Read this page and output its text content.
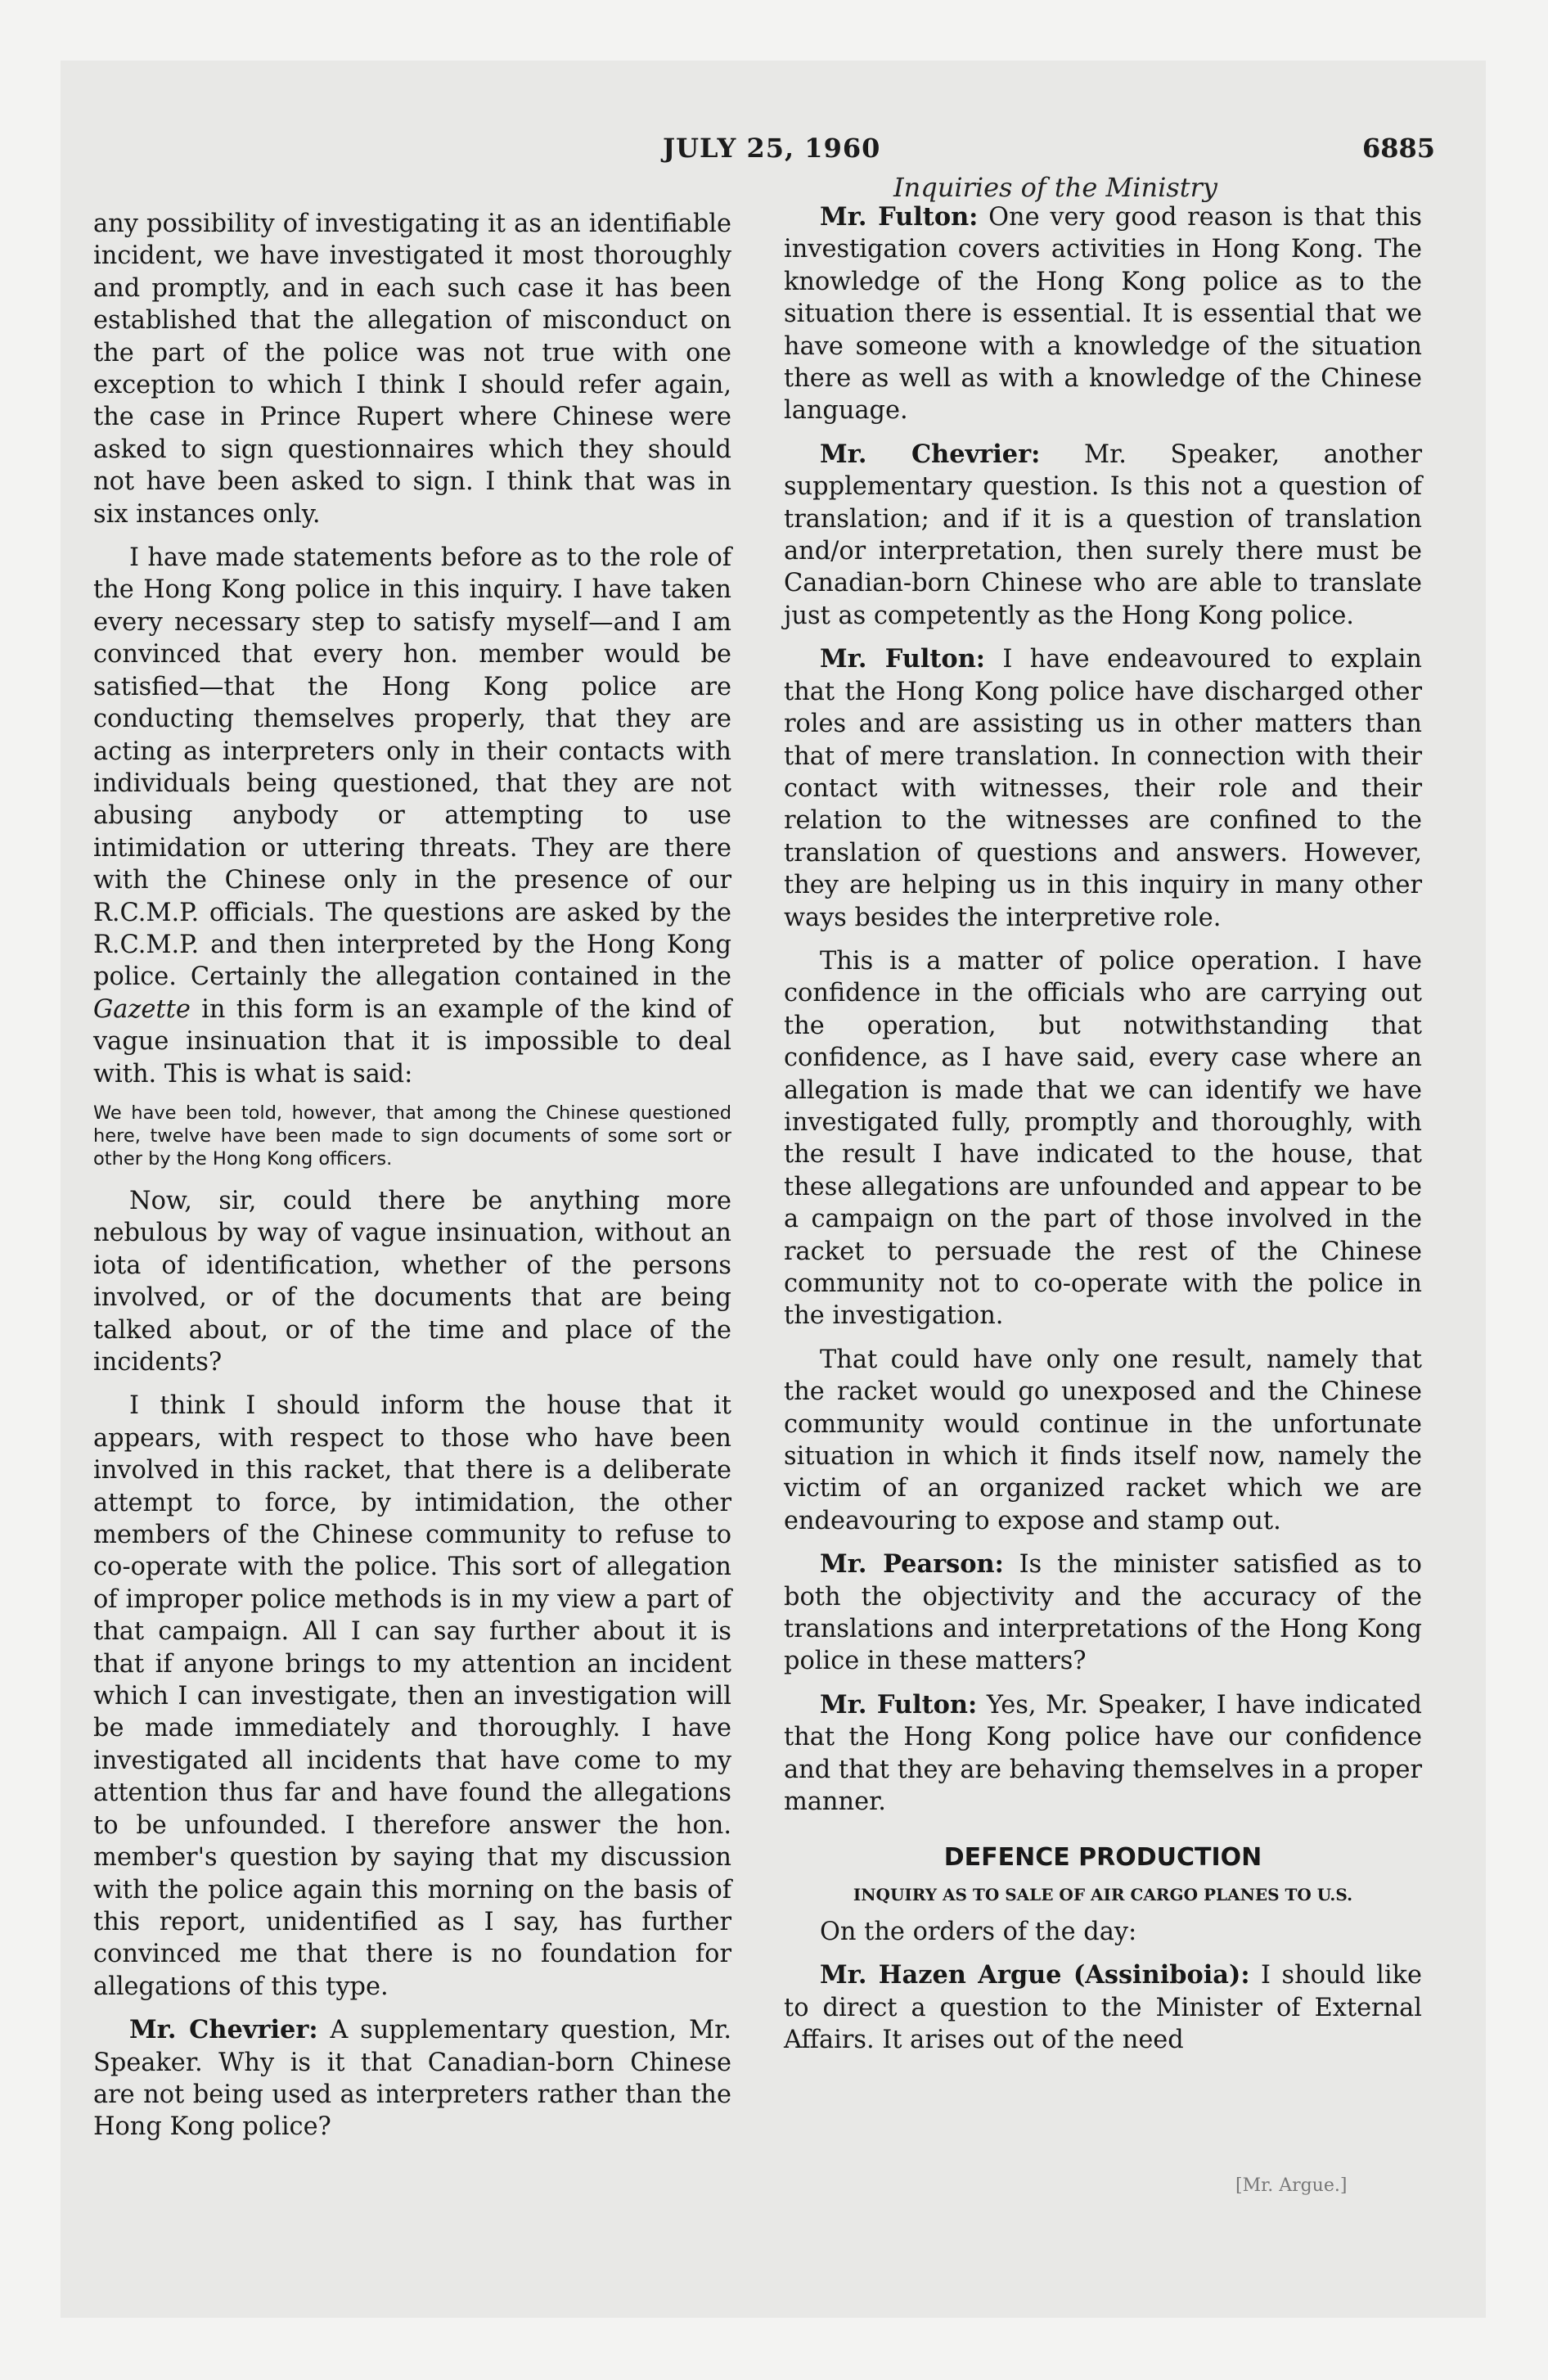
JULY 25, 1960	6885
Inquiries of the Ministry

any possibility of investigating it as an identifiable incident, we have investigated it most thoroughly and promptly, and in each such case it has been established that the allegation of misconduct on the part of the police was not true with one exception to which I think I should refer again, the case in Prince Rupert where Chinese were asked to sign questionnaires which they should not have been asked to sign. I think that was in six instances only.

I have made statements before as to the role of the Hong Kong police in this inquiry. I have taken every necessary step to satisfy myself—and I am convinced that every hon. member would be satisfied—that the Hong Kong police are conducting themselves properly, that they are acting as interpreters only in their contacts with individuals being questioned, that they are not abusing anybody or attempting to use intimidation or uttering threats. They are there with the Chinese only in the presence of our R.C.M.P. officials. The questions are asked by the R.C.M.P. and then interpreted by the Hong Kong police. Certainly the allegation contained in the Gazette in this form is an example of the kind of vague insinuation that it is impossible to deal with. This is what is said:

We have been told, however, that among the Chinese questioned here, twelve have been made to sign documents of some sort or other by the Hong Kong officers.

Now, sir, could there be anything more nebulous by way of vague insinuation, without an iota of identification, whether of the persons involved, or of the documents that are being talked about, or of the time and place of the incidents?

I think I should inform the house that it appears, with respect to those who have been involved in this racket, that there is a deliberate attempt to force, by intimidation, the other members of the Chinese community to refuse to co-operate with the police. This sort of allegation of improper police methods is in my view a part of that campaign. All I can say further about it is that if anyone brings to my attention an incident which I can investigate, then an investigation will be made immediately and thoroughly. I have investigated all incidents that have come to my attention thus far and have found the allegations to be unfounded. I therefore answer the hon. member's question by saying that my discussion with the police again this morning on the basis of this report, unidentified as I say, has further convinced me that there is no foundation for allegations of this type.

Mr. Chevrier: A supplementary question, Mr. Speaker. Why is it that Canadian-born Chinese are not being used as interpreters rather than the Hong Kong police?

Mr. Fulton: One very good reason is that this investigation covers activities in Hong Kong. The knowledge of the Hong Kong police as to the situation there is essential. It is essential that we have someone with a knowledge of the situation there as well as with a knowledge of the Chinese language.

Mr. Chevrier: Mr. Speaker, another supplementary question. Is this not a question of translation; and if it is a question of translation and/or interpretation, then surely there must be Canadian-born Chinese who are able to translate just as competently as the Hong Kong police.

Mr. Fulton: I have endeavoured to explain that the Hong Kong police have discharged other roles and are assisting us in other matters than that of mere translation. In connection with their contact with witnesses, their role and their relation to the witnesses are confined to the translation of questions and answers. However, they are helping us in this inquiry in many other ways besides the interpretive role.

This is a matter of police operation. I have confidence in the officials who are carrying out the operation, but notwithstanding that confidence, as I have said, every case where an allegation is made that we can identify we have investigated fully, promptly and thoroughly, with the result I have indicated to the house, that these allegations are unfounded and appear to be a campaign on the part of those involved in the racket to persuade the rest of the Chinese community not to co-operate with the police in the investigation.

That could have only one result, namely that the racket would go unexposed and the Chinese community would continue in the unfortunate situation in which it finds itself now, namely the victim of an organized racket which we are endeavouring to expose and stamp out.

Mr. Pearson: Is the minister satisfied as to both the objectivity and the accuracy of the translations and interpretations of the Hong Kong police in these matters?

Mr. Fulton: Yes, Mr. Speaker, I have indicated that the Hong Kong police have our confidence and that they are behaving themselves in a proper manner.

DEFENCE PRODUCTION

INQUIRY AS TO SALE OF AIR CARGO PLANES TO U.S.

On the orders of the day:

Mr. Hazen Argue (Assiniboia): I should like to direct a question to the Minister of External Affairs. It arises out of the need

[Mr. Argue.]
